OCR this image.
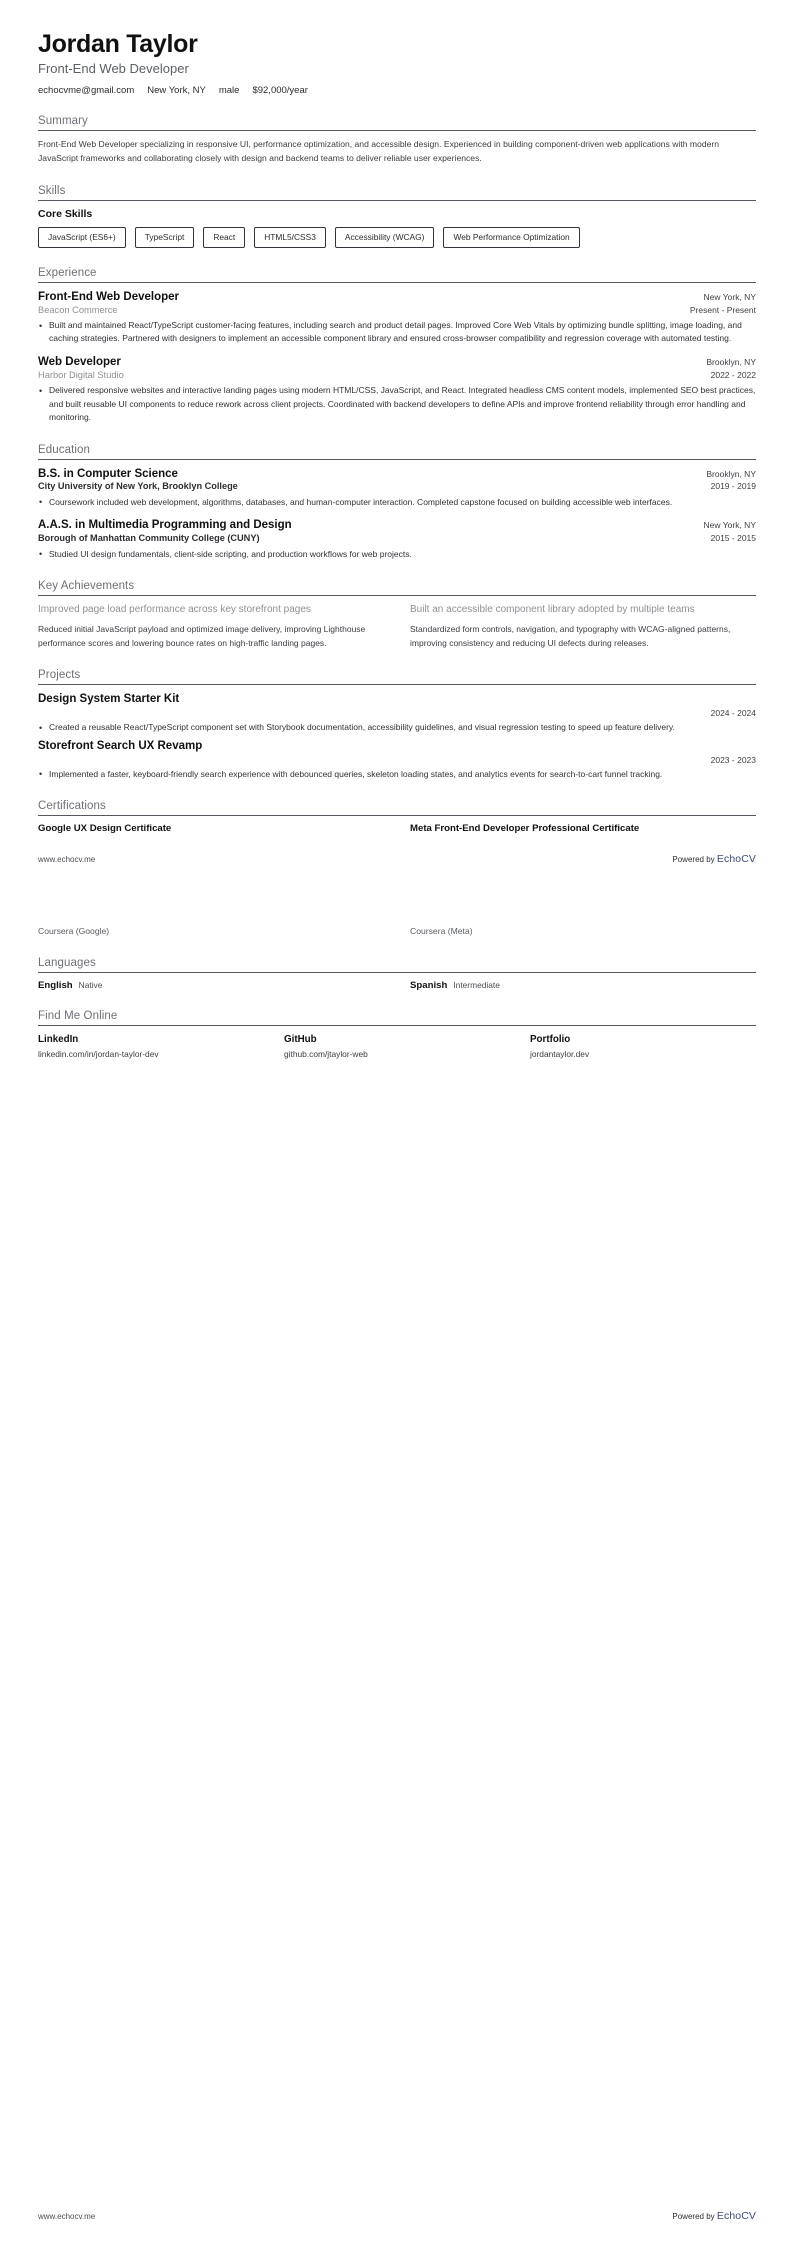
Jordan Taylor
Front-End Web Developer
echocvme@gmail.com New York, NY male $92,000/year
Summary

Front-End Web Developer specializing in responsive UI, performance optimization, and accessible design. Experienced in building component-driven web applications with modern JavaScript frameworks and collaborating closely with design and backend teams to deliver reliable user experiences.

Skills
Core Skills
JavaScript (ES6+)	TypeScript	React	HTML5/CSS3	Accessibility (WCAG)	Web Performance Optimization
Experience
Front-End Web Developer	New York, NY
Beacon Commerce	Present - Present
• Built and maintained React/TypeScript customer-facing features, including search and product detail pages. Improved Core Web Vitals by optimizing bundle splitting, image loading, and caching strategies. Partnered with designers to implement an accessible component library and ensured cross-browser compatibility and regression coverage with automated testing.
Web Developer	Brooklyn, NY
Harbor Digital Studio	2022 - 2022
• Delivered responsive websites and interactive landing pages using modern HTML/CSS, JavaScript, and React. Integrated headless CMS content models, implemented SEO best practices, and built reusable UI components to reduce rework across client projects. Coordinated with backend developers to define APIs and improve frontend reliability through error handling and monitoring.
Education
B.S. in Computer Science	Brooklyn, NY
City University of New York, Brooklyn College	2019 - 2019
• Coursework included web development, algorithms, databases, and human-computer interaction. Completed capstone focused on building accessible web interfaces.
A.A.S. in Multimedia Programming and Design	New York, NY
Borough of Manhattan Community College (CUNY)	2015 - 2015
• Studied UI design fundamentals, client-side scripting, and production workflows for web projects.
Key Achievements
Improved page load performance across key storefront pages
Reduced initial JavaScript payload and optimized image delivery, improving Lighthouse performance scores and lowering bounce rates on high-traffic landing pages.
Built an accessible component library adopted by multiple teams
Standardized form controls, navigation, and typography with WCAG-aligned patterns, improving consistency and reducing UI defects during releases.
Projects
Design System Starter Kit
2024 - 2024
• Created a reusable React/TypeScript component set with Storybook documentation, accessibility guidelines, and visual regression testing to speed up feature delivery.
Storefront Search UX Revamp
2023 - 2023
• Implemented a faster, keyboard-friendly search experience with debounced queries, skeleton loading states, and analytics events for search-to-cart funnel tracking.
Certifications
Google UX Design Certificate	Meta Front-End Developer Professional Certificate
www.echocv.me	Powered by EchoCV
Coursera (Google)	Coursera (Meta)
Languages
English Native	Spanish Intermediate
Find Me Online
LinkedIn
linkedin.com/in/jordan-taylor-dev
GitHub
github.com/jtaylor-web
Portfolio
jordantaylor.dev
www.echocv.me	Powered by EchoCV
